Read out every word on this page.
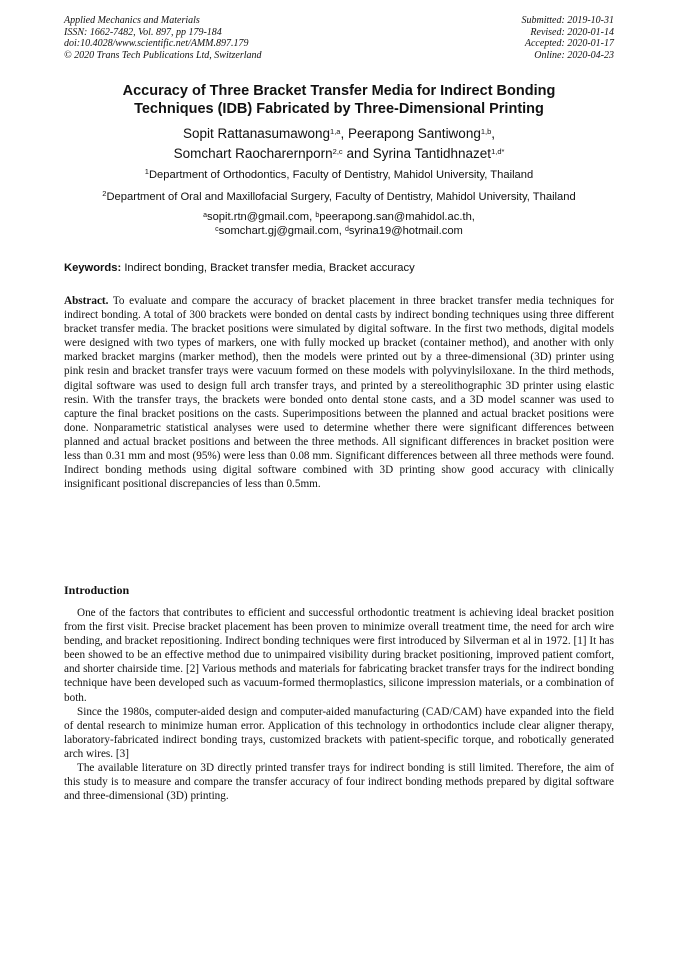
Applied Mechanics and Materials
ISSN: 1662-7482, Vol. 897, pp 179-184
doi:10.4028/www.scientific.net/AMM.897.179
© 2020 Trans Tech Publications Ltd, Switzerland
Submitted: 2019-10-31
Revised: 2020-01-14
Accepted: 2020-01-17
Online: 2020-04-23
Accuracy of Three Bracket Transfer Media for Indirect Bonding
Techniques (IDB) Fabricated by Three-Dimensional Printing
Sopit Rattanasumawong$^{1,a}$, Peerapong Santiwong$^{1,b}$,
Somchart Raocharernporn$^{2,c}$ and Syrina Tantidhnazet$^{1,d*}$
$^1$Department of Orthodontics, Faculty of Dentistry, Mahidol University, Thailand
$^2$Department of Oral and Maxillofacial Surgery, Faculty of Dentistry, Mahidol University, Thailand
$^a$sopit.rtn@gmail.com, $^b$peerapong.san@mahidol.ac.th,
$^c$somchart.gj@gmail.com, $^d$syrina19@hotmail.com
Keywords: Indirect bonding, Bracket transfer media, Bracket accuracy
Abstract. To evaluate and compare the accuracy of bracket placement in three bracket transfer media techniques for indirect bonding. A total of 300 brackets were bonded on dental casts by indirect bonding techniques using three different bracket transfer media. The bracket positions were simulated by digital software. In the first two methods, digital models were designed with two types of markers, one with fully mocked up bracket (container method), and another with only marked bracket margins (marker method), then the models were printed out by a three-dimensional (3D) printer using pink resin and bracket transfer trays were vacuum formed on these models with polyvinylsiloxane. In the third methods, digital software was used to design full arch transfer trays, and printed by a stereolithographic 3D printer using elastic resin. With the transfer trays, the brackets were bonded onto dental stone casts, and a 3D model scanner was used to capture the final bracket positions on the casts. Superimpositions between the planned and actual bracket positions were done. Nonparametric statistical analyses were used to determine whether there were significant differences between planned and actual bracket positions and between the three methods. All significant differences in bracket position were less than 0.31 mm and most (95%) were less than 0.08 mm. Significant differences between all three methods were found. Indirect bonding methods using digital software combined with 3D printing show good accuracy with clinically insignificant positional discrepancies of less than 0.5mm.
Introduction

One of the factors that contributes to efficient and successful orthodontic treatment is achieving ideal bracket position from the first visit. Precise bracket placement has been proven to minimize overall treatment time, the need for arch wire bending, and bracket repositioning. Indirect bonding techniques were first introduced by Silverman et al in 1972. [1] It has been showed to be an effective method due to unimpaired visibility during bracket positioning, improved patient comfort, and shorter chairside time. [2] Various methods and materials for fabricating bracket transfer trays for the indirect bonding technique have been developed such as vacuum-formed thermoplastics, silicone impression materials, or a combination of both.

Since the 1980s, computer-aided design and computer-aided manufacturing (CAD/CAM) have expanded into the field of dental research to minimize human error. Application of this technology in orthodontics include clear aligner therapy, laboratory-fabricated indirect bonding trays, customized brackets with patient-specific torque, and robotically generated arch wires. [3]

The available literature on 3D directly printed transfer trays for indirect bonding is still limited. Therefore, the aim of this study is to measure and compare the transfer accuracy of four indirect bonding methods prepared by digital software and three-dimensional (3D) printing.
